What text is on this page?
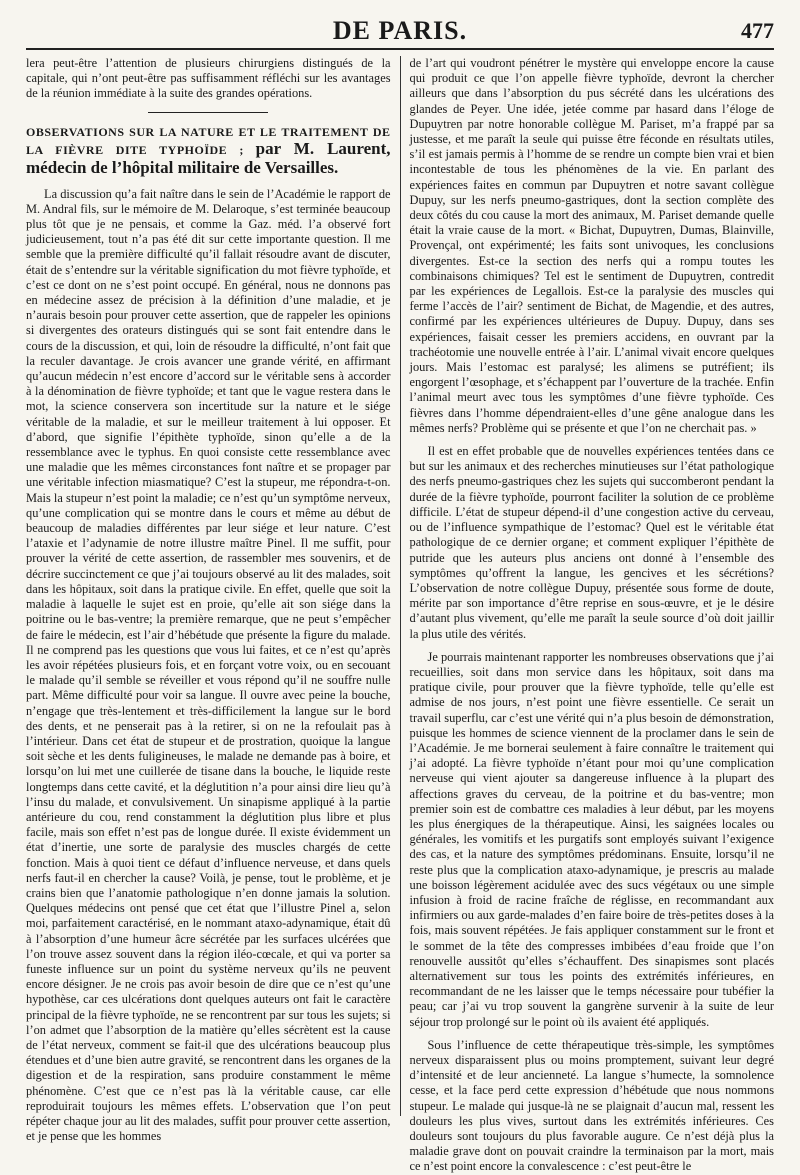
DE PARIS.	477

lera peut-être l’attention de plusieurs chirurgiens distingués de la capitale, qui n’ont peut-être pas suffisamment réfléchi sur les avantages de la réunion immédiate à la suite des grandes opérations.

OBSERVATIONS SUR LA NATURE ET LE TRAITEMENT DE LA FIÈVRE DITE TYPHOÏDE ; par M. Laurent, médecin de l’hôpital militaire de Versailles.

La discussion qu’a fait naître dans le sein de l’Académie le rapport de M. Andral fils, sur le mémoire de M. Delaroque, s’est terminée beaucoup plus tôt que je ne pensais, et comme la Gaz. méd. l’a observé fort judicieusement, tout n’a pas été dit sur cette importante question. Il me semble que la première difficulté qu’il fallait résoudre avant de discuter, était de s’entendre sur la véritable signification du mot fièvre typhoïde, et c’est ce dont on ne s’est point occupé. En général, nous ne donnons pas en médecine assez de précision à la définition d’une maladie, et je n’aurais besoin pour prouver cette assertion, que de rappeler les opinions si divergentes des orateurs distingués qui se sont fait entendre dans le cours de la discussion, et qui, loin de résoudre la difficulté, n’ont fait que la reculer davantage. Je crois avancer une grande vérité, en affirmant qu’aucun médecin n’est encore d’accord sur le véritable sens à accorder à la dénomination de fièvre typhoïde; et tant que le vague restera dans le mot, la science conservera son incertitude sur la nature et le siége véritable de la maladie, et sur le meilleur traitement à lui opposer. Et d’abord, que signifie l’épithète typhoïde, sinon qu’elle a de la ressemblance avec le typhus. En quoi consiste cette ressemblance avec une maladie que les mêmes circonstances font naître et se propager par une véritable infection miasmatique? C’est la stupeur, me répondra-t-on. Mais la stupeur n’est point la maladie; ce n’est qu’un symptôme nerveux, qu’une complication qui se montre dans le cours et même au début de beaucoup de maladies différentes par leur siége et leur nature. C’est l’ataxie et l’adynamie de notre illustre maître Pinel. Il me suffit, pour prouver la vérité de cette assertion, de rassembler mes souvenirs, et de décrire succinctement ce que j’ai toujours observé au lit des malades, soit dans les hôpitaux, soit dans la pratique civile. En effet, quelle que soit la maladie à laquelle le sujet est en proie, qu’elle ait son siége dans la poitrine ou le bas-ventre; la première remarque, que ne peut s’empêcher de faire le médecin, est l’air d’hébétude que présente la figure du malade. Il ne comprend pas les questions que vous lui faites, et ce n’est qu’après les avoir répétées plusieurs fois, et en forçant votre voix, ou en secouant le malade qu’il semble se réveiller et vous répond qu’il ne souffre nulle part. Même difficulté pour voir sa langue. Il ouvre avec peine la bouche, n’engage que très-lentement et très-difficilement la langue sur le bord des dents, et ne penserait pas à la retirer, si on ne la refoulait pas à l’intérieur. Dans cet état de stupeur et de prostration, quoique la langue soit sèche et les dents fuligineuses, le malade ne demande pas à boire, et lorsqu’on lui met une cuillerée de tisane dans la bouche, le liquide reste longtemps dans cette cavité, et la déglutition n’a pour ainsi dire lieu qu’à l’insu du malade, et convulsivement. Un sinapisme appliqué à la partie antérieure du cou, rend constamment la déglutition plus libre et plus facile, mais son effet n’est pas de longue durée. Il existe évidemment un état d’inertie, une sorte de paralysie des muscles chargés de cette fonction. Mais à quoi tient ce défaut d’influence nerveuse, et dans quels nerfs faut-il en chercher la cause? Voilà, je pense, tout le problème, et je crains bien que l’anatomie pathologique n’en donne jamais la solution. Quelques médecins ont pensé que cet état que l’illustre Pinel a, selon moi, parfaitement caractérisé, en le nommant ataxo-adynamique, était dû à l’absorption d’une humeur âcre sécrétée par les surfaces ulcérées que l’on trouve assez souvent dans la région iléo-cœcale, et qui va porter sa funeste influence sur un point du système nerveux qu’ils ne peuvent encore désigner. Je ne crois pas avoir besoin de dire que ce n’est qu’une hypothèse, car ces ulcérations dont quelques auteurs ont fait le caractère principal de la fièvre typhoïde, ne se rencontrent par sur tous les sujets; si l’on admet que l’absorption de la matière qu’elles sécrètent est la cause de l’état nerveux, comment se fait-il que des ulcérations beaucoup plus étendues et d’une bien autre gravité, se rencontrent dans les organes de la digestion et de la respiration, sans produire constamment le même phénomène. C’est que ce n’est pas là la véritable cause, car elle reproduirait toujours les mêmes effets. L’observation que l’on peut répéter chaque jour au lit des malades, suffit pour prouver cette assertion, et je pense que les hommes

de l’art qui voudront pénétrer le mystère qui enveloppe encore la cause qui produit ce que l’on appelle fièvre typhoïde, devront la chercher ailleurs que dans l’absorption du pus sécrété dans les ulcérations des glandes de Peyer. Une idée, jetée comme par hasard dans l’éloge de Dupuytren par notre honorable collègue M. Pariset, m’a frappé par sa justesse, et me paraît la seule qui puisse être féconde en résultats utiles, s’il est jamais permis à l’homme de se rendre un compte bien vrai et bien incontestable de tous les phénomènes de la vie. En parlant des expériences faites en commun par Dupuytren et notre savant collègue Dupuy, sur les nerfs pneumo-gastriques, dont la section complète des deux côtés du cou cause la mort des animaux, M. Pariset demande quelle était la vraie cause de la mort. « Bichat, Dupuytren, Dumas, Blainville, Provençal, ont expérimenté; les faits sont univoques, les conclusions divergentes. Est-ce la section des nerfs qui a rompu toutes les combinaisons chimiques? Tel est le sentiment de Dupuytren, contredit par les expériences de Legallois. Est-ce la paralysie des muscles qui ferme l’accès de l’air? sentiment de Bichat, de Magendie, et des autres, confirmé par les expériences ultérieures de Dupuy. Dupuy, dans ses expériences, faisait cesser les premiers accidens, en ouvrant par la trachéotomie une nouvelle entrée à l’air. L’animal vivait encore quelques jours. Mais l’estomac est paralysé; les alimens se putréfient; ils engorgent l’œsophage, et s’échappent par l’ouverture de la trachée. Enfin l’animal meurt avec tous les symptômes d’une fièvre typhoïde. Ces fièvres dans l’homme dépendraient-elles d’une gêne analogue dans les mêmes nerfs? Problème qui se présente et que l’on ne cherchait pas. »

Il est en effet probable que de nouvelles expériences tentées dans ce but sur les animaux et des recherches minutieuses sur l’état pathologique des nerfs pneumo-gastriques chez les sujets qui succomberont pendant la durée de la fièvre typhoïde, pourront faciliter la solution de ce problème difficile. L’état de stupeur dépend-il d’une congestion active du cerveau, ou de l’influence sympathique de l’estomac? Quel est le véritable état pathologique de ce dernier organe; et comment expliquer l’épithète de putride que les auteurs plus anciens ont donné à l’ensemble des symptômes qu’offrent la langue, les gencives et les sécrétions? L’observation de notre collègue Dupuy, présentée sous forme de doute, mérite par son importance d’être reprise en sous-œuvre, et je le désire d’autant plus vivement, qu’elle me paraît la seule source d’où doit jaillir la plus utile des vérités.

Je pourrais maintenant rapporter les nombreuses observations que j’ai recueillies, soit dans mon service dans les hôpitaux, soit dans ma pratique civile, pour prouver que la fièvre typhoïde, telle qu’elle est admise de nos jours, n’est point une fièvre essentielle. Ce serait un travail superflu, car c’est une vérité qui n’a plus besoin de démonstration, puisque les hommes de science viennent de la proclamer dans le sein de l’Académie. Je me bornerai seulement à faire connaître le traitement qui j’ai adopté. La fièvre typhoïde n’étant pour moi qu’une complication nerveuse qui vient ajouter sa dangereuse influence à la plupart des affections graves du cerveau, de la poitrine et du bas-ventre; mon premier soin est de combattre ces maladies à leur début, par les moyens les plus énergiques de la thérapeutique. Ainsi, les saignées locales ou générales, les vomitifs et les purgatifs sont employés suivant l’exigence des cas, et la nature des symptômes prédominans. Ensuite, lorsqu’il ne reste plus que la complication ataxo-adynamique, je prescris au malade une boisson légèrement acidulée avec des sucs végétaux ou une simple infusion à froid de racine fraîche de réglisse, en recommandant aux infirmiers ou aux garde-malades d’en faire boire de très-petites doses à la fois, mais souvent répétées. Je fais appliquer constamment sur le front et le sommet de la tête des compresses imbibées d’eau froide que l’on renouvelle aussitôt qu’elles s’échauffent. Des sinapismes sont placés alternativement sur tous les points des extrémités inférieures, en recommandant de ne les laisser que le temps nécessaire pour tubéfier la peau; car j’ai vu trop souvent la gangrène survenir à la suite de leur séjour trop prolongé sur le point où ils avaient été appliqués.

Sous l’influence de cette thérapeutique très-simple, les symptômes nerveux disparaissent plus ou moins promptement, suivant leur degré d’intensité et de leur ancienneté. La langue s’humecte, la somnolence cesse, et la face perd cette expression d’hébétude que nous nommons stupeur. Le malade qui jusque-là ne se plaignait d’aucun mal, ressent les douleurs les plus vives, surtout dans les extrémités inférieures. Ces douleurs sont toujours du plus favorable augure. Ce n’est déjà plus la maladie grave dont on pouvait craindre la terminaison par la mort, mais ce n’est point encore la convalescence : c’est peut-être le
